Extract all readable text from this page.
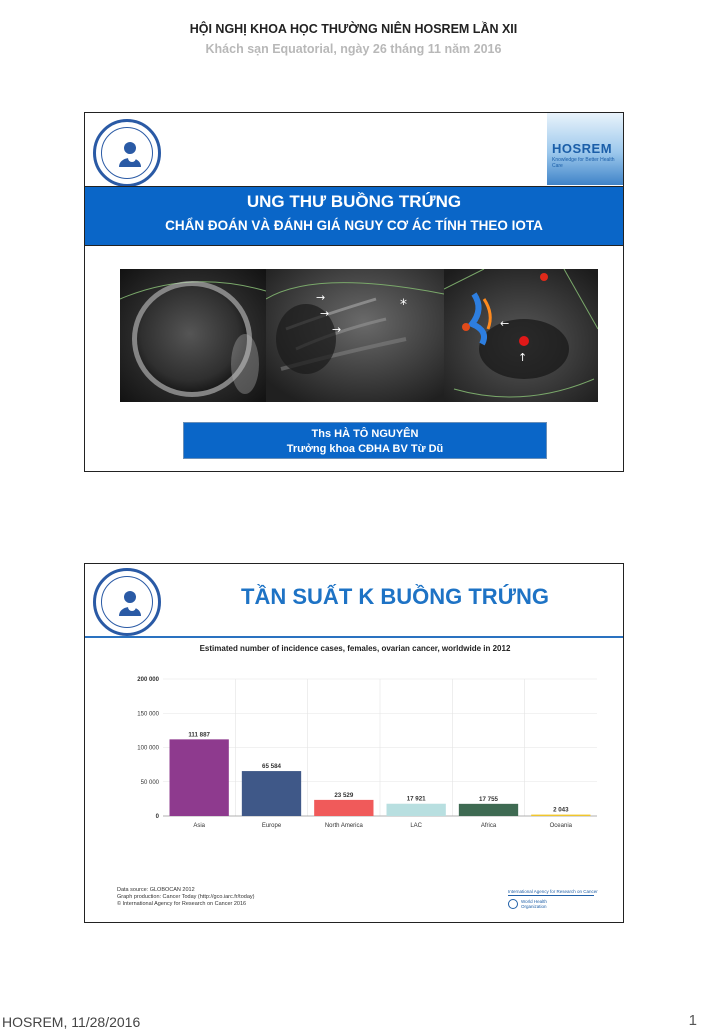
HỘI NGHỊ KHOA HỌC THƯỜNG NIÊN HOSREM LẦN XII
Khách sạn Equatorial, ngày 26 tháng 11 năm 2016
HOSREM
Knowledge for Better Health Care
UNG THƯ BUỒNG TRỨNG
CHẨN ĐOÁN VÀ ĐÁNH GIÁ NGUY CƠ ÁC TÍNH THEO IOTA
→
→
→
*
←
↑
Ths HÀ TÔ NGUYÊN
Trưởng khoa CĐHA BV Từ Dũ
TẦN SUẤT K BUỒNG TRỨNG
Estimated number of incidence cases, females, ovarian cancer, worldwide in 2012
0
50 000
100 000
150 000
200 000
111 887
Asia
65 584
Europe
23 529
North America
17 921
LAC
17 755
Africa
2 043
Oceania
Data source: GLOBOCAN 2012
Graph production: Cancer Today (http://gco.iarc.fr/today)
© International Agency for Research on Cancer 2016
International Agency for Research on Cancer
World Health
Organization
HOSREM, 11/28/2016	1
